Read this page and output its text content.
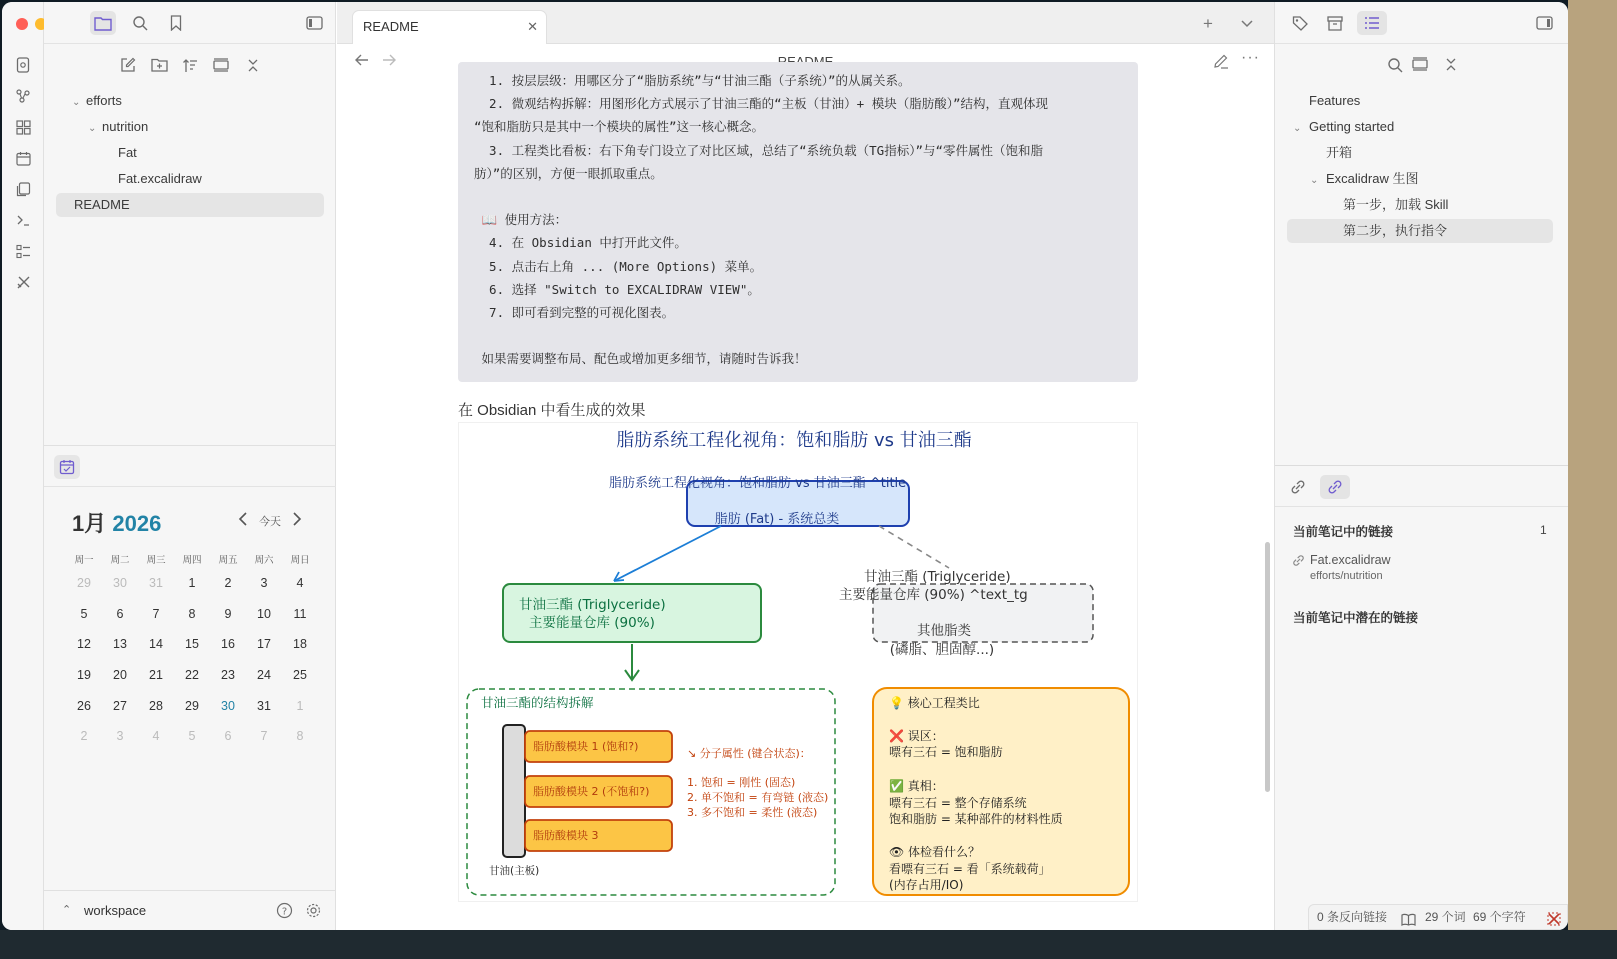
⌄ efforts
⌄ nutrition
Fat
Fat.excalidraw
README
1月 2026	今天
周一	周二	周三	周四	周五	周六	周日
29	30	31	1	2	3	4
5	6	7	8	9	10	11
12	13	14	15	16	17	18
19	20	21	22	23	24	25
26	27	28	29	30	31	1
2	3	4	5	6	7	8
⌃ workspace	?
README	✕	+
···
1. 按层层级：用哪区分了“脂肪系统”与“甘油三酯（子系统）”的从属关系。
2. 微观结构拆解：用图形化方式展示了甘油三酯的“主板（甘油）+ 模块（脂肪酸）”结构，直观体现
“饱和脂肪只是其中一个模块的属性”这一核心概念。
3. 工程类比看板：右下角专门设立了对比区域，总结了“系统负载（TG指标）”与“零件属性（饱和脂
肪）”的区别，方便一眼抓取重点。
📖 使用方法：
4. 在 Obsidian 中打开此文件。
5. 点击右上角 ... (More Options) 菜单。
6. 选择 "Switch to EXCALIDRAW VIEW"。
7. 即可看到完整的可视化图表。
如果需要调整布局、配色或增加更多细节，请随时告诉我！
在 Obsidian 中看生成的效果
脂肪系统工程化视角：饱和脂肪 vs 甘油三酯
脂肪系统工程化视角：饱和脂肪 vs 甘油三酯 ^title
脂肪 (Fat) - 系统总类
甘油三酯 (Triglyceride)
主要能量仓库 (90%)
甘油三酯 (Triglyceride)
主要能量仓库 (90%) ^text_tg
其他脂类
(磷脂、胆固醇...)
甘油三酯的结构拆解
甘油(主板)
脂肪酸模块 1 (饱和?)
脂肪酸模块 2 (不饱和?)
脂肪酸模块 3
↘ 分子属性 (键合状态)：
1. 饱和 = 刚性 (固态)
2. 单不饱和 = 有弯链 (液态)
3. 多不饱和 = 柔性 (液态)
💡 核心工程类比
❌ 误区：
嘌有三石 = 饱和脂肪
✅ 真相：
嘌有三石 = 整个存储系统
饱和脂肪 = 某种部件的材料性质
👁 体检看什么？
看嘌有三石 = 看「系统载荷」
(内存占用/IO)
Features
⌄ Getting started
开箱
⌄ Excalidraw 生图
第一步，加载 Skill
第二步，执行指令
当前笔记中的链接	1
Fat.excalidraw
efforts/nutrition
当前笔记中潜在的链接
0 条反向链接	29 个词 69 个字符
